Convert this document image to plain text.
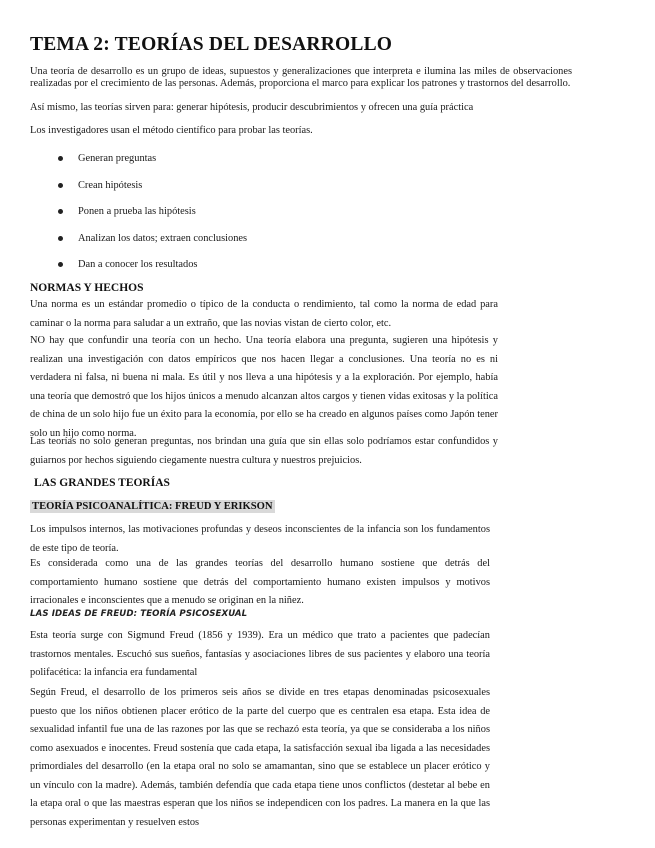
TEMA 2: TEORÍAS DEL DESARROLLO

Una teoría de desarrollo es un grupo de ideas, supuestos y generalizaciones que interpreta e ilumina las miles de observaciones realizadas por el crecimiento de las personas. Además, proporciona el marco para explicar los patrones y trastornos del desarrollo.

Así mismo, las teorías sirven para: generar hipótesis, producir descubrimientos y ofrecen una guía práctica

Los investigadores usan el método científico para probar las teorías.

Generan preguntas
Crean hipótesis
Ponen a prueba las hipótesis
Analizan los datos; extraen conclusiones
Dan a conocer los resultados
NORMAS Y HECHOS

Una norma es un estándar promedio o típico de la conducta o rendimiento, tal como la norma de edad para caminar o la norma para saludar a un extraño, que las novias vistan de cierto color, etc.

NO hay que confundir una teoría con un hecho. Una teoría elabora una pregunta, sugieren una hipótesis y realizan una investigación con datos empíricos que nos hacen llegar a conclusiones. Una teoría no es ni verdadera ni falsa, ni buena ni mala. Es útil y nos lleva a una hipótesis y a la exploración. Por ejemplo, había una teoría que demostró que los hijos únicos a menudo alcanzan altos cargos y tienen vidas exitosas y la política de china de un solo hijo fue un éxito para la economía, por ello se ha creado en algunos países como Japón tener solo un hijo como norma.

Las teorías no solo generan preguntas, nos brindan una guía que sin ellas solo podríamos estar confundidos y guiarnos por hechos siguiendo ciegamente nuestra cultura y nuestros prejuicios.

LAS GRANDES TEORÍAS
TEORÍA PSICOANALÍTICA: FREUD Y ERIKSON

Los impulsos internos, las motivaciones profundas y deseos inconscientes de la infancia son los fundamentos de este tipo de teoría.

Es considerada como una de las grandes teorías del desarrollo humano sostiene que detrás del comportamiento humano sostiene que detrás del comportamiento humano existen impulsos y motivos irracionales e inconscientes que a menudo se originan en la niñez.

LAS IDEAS DE FREUD: TEORÍA PSICOSEXUAL

Esta teoría surge con Sigmund Freud (1856 y 1939). Era un médico que trato a pacientes que padecían trastornos mentales. Escuchó sus sueños, fantasías y asociaciones libres de sus pacientes y elaboro una teoría polifacética: la infancia era fundamental

Según Freud, el desarrollo de los primeros seis años se divide en tres etapas denominadas psicosexuales puesto que los niños obtienen placer erótico de la parte del cuerpo que es centralen esa etapa. Esta idea de sexualidad infantil fue una de las razones por las que se rechazó esta teoría, ya que se consideraba a los niños como asexuados e inocentes. Freud sostenía que cada etapa, la satisfacción sexual iba ligada a las necesidades primordiales del desarrollo (en la etapa oral no solo se amamantan, sino que se establece un placer erótico y un vínculo con la madre). Además, también defendía que cada etapa tiene unos conflictos (destetar al bebe en la etapa oral o que las maestras esperan que los niños se independicen con los padres. La manera en la que las personas experimentan y resuelven estos
